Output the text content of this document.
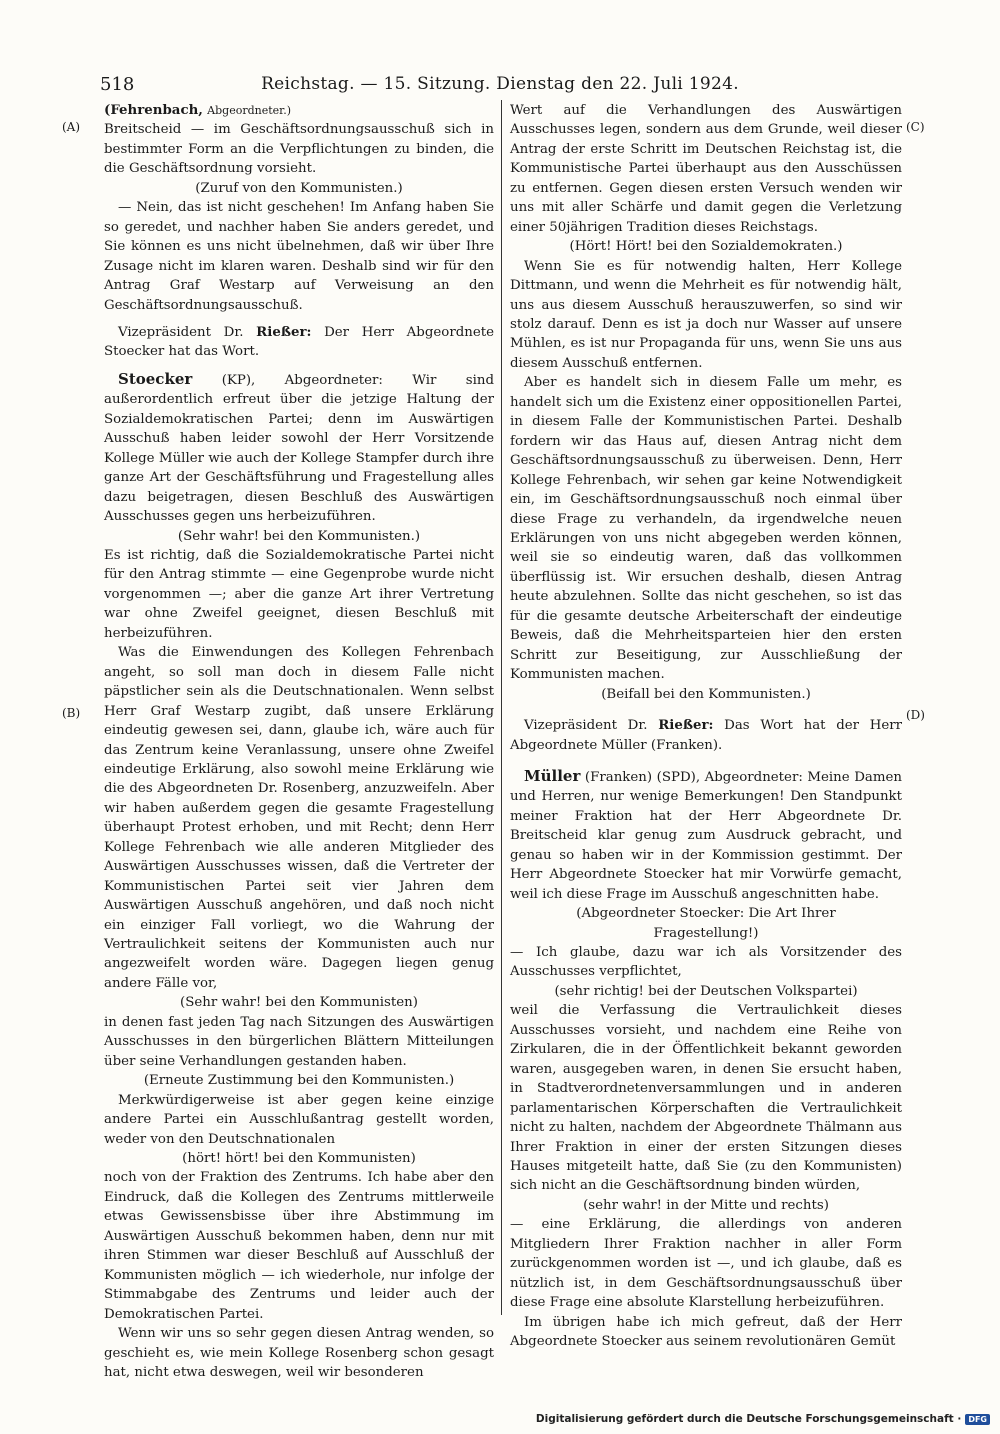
518	Reichstag. — 15. Sitzung. Dienstag den 22. Juli 1924.
(A)
(B)
(C)
(D)

(Fehrenbach, Abgeordneter.)

Breitscheid — im Geschäftsordnungsausschuß sich in bestimmter Form an die Verpflichtungen zu binden, die die Geschäftsordnung vorsieht.

(Zuruf von den Kommunisten.)

— Nein, das ist nicht geschehen! Im Anfang haben Sie so geredet, und nachher haben Sie anders geredet, und Sie können es uns nicht übelnehmen, daß wir über Ihre Zusage nicht im klaren waren. Deshalb sind wir für den Antrag Graf Westarp auf Verweisung an den Geschäftsordnungsausschuß.

Vizepräsident Dr. Rießer: Der Herr Abgeordnete Stoecker hat das Wort.

Stoecker (KP), Abgeordneter: Wir sind außerordentlich erfreut über die jetzige Haltung der Sozialdemokratischen Partei; denn im Auswärtigen Ausschuß haben leider sowohl der Herr Vorsitzende Kollege Müller wie auch der Kollege Stampfer durch ihre ganze Art der Geschäftsführung und Fragestellung alles dazu beigetragen, diesen Beschluß des Auswärtigen Ausschusses gegen uns herbeizuführen.

(Sehr wahr! bei den Kommunisten.)

Es ist richtig, daß die Sozialdemokratische Partei nicht für den Antrag stimmte — eine Gegenprobe wurde nicht vorgenommen —; aber die ganze Art ihrer Vertretung war ohne Zweifel geeignet, diesen Beschluß mit herbeizuführen.

Was die Einwendungen des Kollegen Fehrenbach angeht, so soll man doch in diesem Falle nicht päpstlicher sein als die Deutschnationalen. Wenn selbst Herr Graf Westarp zugibt, daß unsere Erklärung eindeutig gewesen sei, dann, glaube ich, wäre auch für das Zentrum keine Veranlassung, unsere ohne Zweifel eindeutige Erklärung, also sowohl meine Erklärung wie die des Abgeordneten Dr. Rosenberg, anzuzweifeln. Aber wir haben außerdem gegen die gesamte Fragestellung überhaupt Protest erhoben, und mit Recht; denn Herr Kollege Fehrenbach wie alle anderen Mitglieder des Auswärtigen Ausschusses wissen, daß die Vertreter der Kommunistischen Partei seit vier Jahren dem Auswärtigen Ausschuß angehören, und daß noch nicht ein einziger Fall vorliegt, wo die Wahrung der Vertraulichkeit seitens der Kommunisten auch nur angezweifelt worden wäre. Dagegen liegen genug andere Fälle vor,

(Sehr wahr! bei den Kommunisten)

in denen fast jeden Tag nach Sitzungen des Auswärtigen Ausschusses in den bürgerlichen Blättern Mitteilungen über seine Verhandlungen gestanden haben.

(Erneute Zustimmung bei den Kommunisten.)

Merkwürdigerweise ist aber gegen keine einzige andere Partei ein Ausschlußantrag gestellt worden, weder von den Deutschnationalen

(hört! hört! bei den Kommunisten)

noch von der Fraktion des Zentrums. Ich habe aber den Eindruck, daß die Kollegen des Zentrums mittlerweile etwas Gewissensbisse über ihre Abstimmung im Auswärtigen Ausschuß bekommen haben, denn nur mit ihren Stimmen war dieser Beschluß auf Ausschluß der Kommunisten möglich — ich wiederhole, nur infolge der Stimmabgabe des Zentrums und leider auch der Demokratischen Partei.

Wenn wir uns so sehr gegen diesen Antrag wenden, so geschieht es, wie mein Kollege Rosenberg schon gesagt hat, nicht etwa deswegen, weil wir besonderen

Wert auf die Verhandlungen des Auswärtigen Ausschusses legen, sondern aus dem Grunde, weil dieser Antrag der erste Schritt im Deutschen Reichstag ist, die Kommunistische Partei überhaupt aus den Ausschüssen zu entfernen. Gegen diesen ersten Versuch wenden wir uns mit aller Schärfe und damit gegen die Verletzung einer 50jährigen Tradition dieses Reichstags.

(Hört! Hört! bei den Sozialdemokraten.)

Wenn Sie es für notwendig halten, Herr Kollege Dittmann, und wenn die Mehrheit es für notwendig hält, uns aus diesem Ausschuß herauszuwerfen, so sind wir stolz darauf. Denn es ist ja doch nur Wasser auf unsere Mühlen, es ist nur Propaganda für uns, wenn Sie uns aus diesem Ausschuß entfernen.

Aber es handelt sich in diesem Falle um mehr, es handelt sich um die Existenz einer oppositionellen Partei, in diesem Falle der Kommunistischen Partei. Deshalb fordern wir das Haus auf, diesen Antrag nicht dem Geschäftsordnungsausschuß zu überweisen. Denn, Herr Kollege Fehrenbach, wir sehen gar keine Notwendigkeit ein, im Geschäftsordnungsausschuß noch einmal über diese Frage zu verhandeln, da irgendwelche neuen Erklärungen von uns nicht abgegeben werden können, weil sie so eindeutig waren, daß das vollkommen überflüssig ist. Wir ersuchen deshalb, diesen Antrag heute abzulehnen. Sollte das nicht geschehen, so ist das für die gesamte deutsche Arbeiterschaft der eindeutige Beweis, daß die Mehrheitsparteien hier den ersten Schritt zur Beseitigung, zur Ausschließung der Kommunisten machen.

(Beifall bei den Kommunisten.)

Vizepräsident Dr. Rießer: Das Wort hat der Herr Abgeordnete Müller (Franken).

Müller (Franken) (SPD), Abgeordneter: Meine Damen und Herren, nur wenige Bemerkungen! Den Standpunkt meiner Fraktion hat der Herr Abgeordnete Dr. Breitscheid klar genug zum Ausdruck gebracht, und genau so haben wir in der Kommission gestimmt. Der Herr Abgeordnete Stoecker hat mir Vorwürfe gemacht, weil ich diese Frage im Ausschuß angeschnitten habe.

(Abgeordneter Stoecker: Die Art Ihrer Fragestellung!)

— Ich glaube, dazu war ich als Vorsitzender des Ausschusses verpflichtet,

(sehr richtig! bei der Deutschen Volkspartei)

weil die Verfassung die Vertraulichkeit dieses Ausschusses vorsieht, und nachdem eine Reihe von Zirkularen, die in der Öffentlichkeit bekannt geworden waren, ausgegeben waren, in denen Sie ersucht haben, in Stadtverordnetenversammlungen und in anderen parlamentarischen Körperschaften die Vertraulichkeit nicht zu halten, nachdem der Abgeordnete Thälmann aus Ihrer Fraktion in einer der ersten Sitzungen dieses Hauses mitgeteilt hatte, daß Sie (zu den Kommunisten) sich nicht an die Geschäftsordnung binden würden,

(sehr wahr! in der Mitte und rechts)

— eine Erklärung, die allerdings von anderen Mitgliedern Ihrer Fraktion nachher in aller Form zurückgenommen worden ist —, und ich glaube, daß es nützlich ist, in dem Geschäftsordnungsausschuß über diese Frage eine absolute Klarstellung herbeizuführen.

Im übrigen habe ich mich gefreut, daß der Herr Abgeordnete Stoecker aus seinem revolutionären Gemüt

Digitalisierung gefördert durch die Deutsche Forschungsgemeinschaft · DFG
